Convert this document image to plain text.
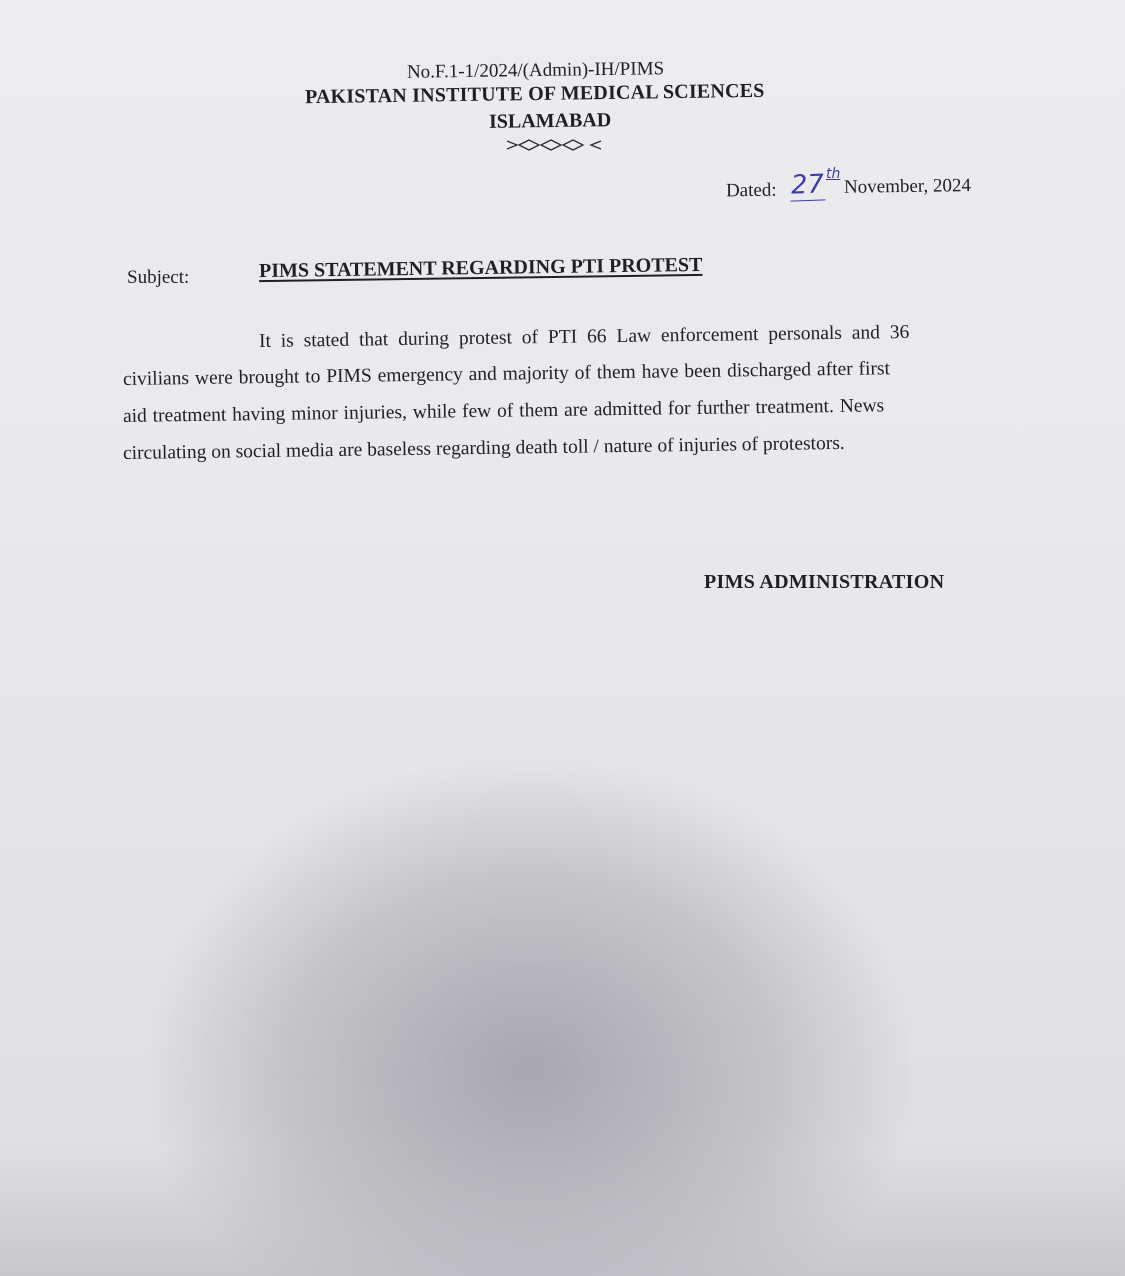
No.F.1-1/2024/(Admin)-IH/PIMS
PAKISTAN INSTITUTE OF MEDICAL SCIENCES
ISLAMABAD
Dated: 27 th
November, 2024
Subject:	PIMS STATEMENT REGARDING PTI PROTEST
It is stated that during protest of PTI 66 Law enforcement personals and 36
civilians were brought to PIMS emergency and majority of them have been discharged after first
aid treatment having minor injuries, while few of them are admitted for further treatment. News
circulating on social media are baseless regarding death toll / nature of injuries of protestors.
PIMS ADMINISTRATION
